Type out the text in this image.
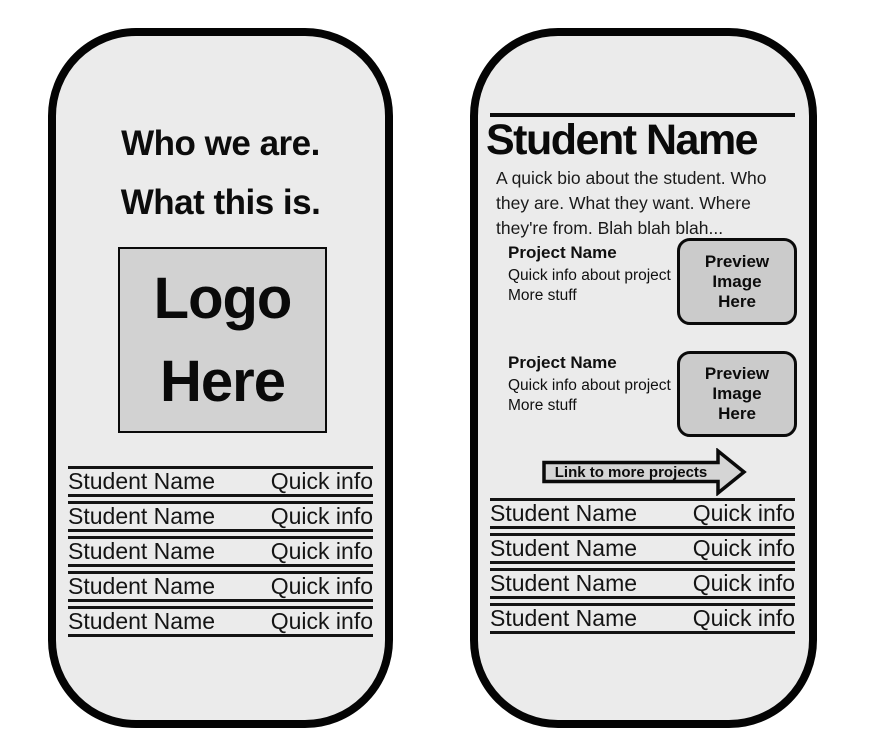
Who we are.
What this is.
Logo
Here
Student Name Quick info
Student Name Quick info
Student Name Quick info
Student Name Quick info
Student Name Quick info
Student Name
A quick bio about the student. Who
they are. What they want. Where
they're from. Blah blah blah...
Project Name
Quick info about project
More stuff
Preview
Image
Here
Project Name
Quick info about project
More stuff
Preview
Image
Here
Link to more projects
Student Name Quick info
Student Name Quick info
Student Name Quick info
Student Name Quick info
